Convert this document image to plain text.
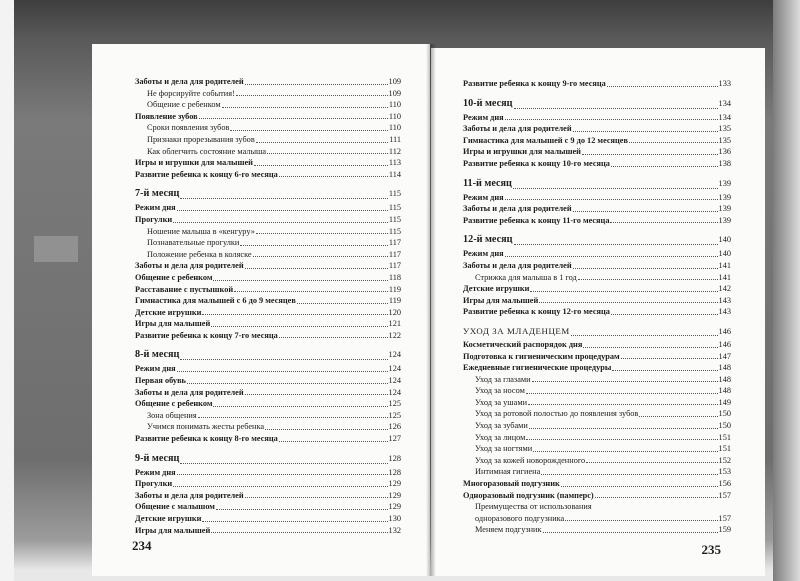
Заботы и дела для родителей	109
Не форсируйте события!	109
Общение с ребенком	110
Появление зубов	110
Сроки появления зубов	110
Признаки прорезывания зубов	111
Как облегчить состояние малыша	112
Игры и игрушки для малышей	113
Развитие ребенка к концу 6-го месяца	114
7-й месяц	115
Режим дня	115
Прогулки	115
Ношение малыша в «кенгуру»	115
Познавательные прогулки	117
Положение ребенка в коляске	117
Заботы и дела для родителей	117
Общение с ребенком	118
Расставание с пустышкой	119
Гимнастика для малышей с 6 до 9 месяцев	119
Детские игрушки	120
Игры для малышей	121
Развитие ребенка к концу 7-го месяца	122
8-й месяц	124
Режим дня	124
Первая обувь	124
Заботы и дела для родителей	124
Общение с ребенком	125
Зона общения	125
Учимся понимать жесты ребенка	126
Развитие ребенка к концу 8-го месяца	127
9-й месяц	128
Режим дня	128
Прогулки	129
Заботы и дела для родителей	129
Общение с малышом	129
Детские игрушки	130
Игры для малышей	132
234
Развитие ребенка к концу 9-го месяца	133
10-й месяц	134
Режим дня	134
Заботы и дела для родителей	135
Гимнастика для малышей с 9 до 12 месяцев	135
Игры и игрушки для малышей	136
Развитие ребенка к концу 10-го месяца	138
11-й месяц	139
Режим дня	139
Заботы и дела для родителей	139
Развитие ребенка к концу 11-го месяца	139
12-й месяц	140
Режим дня	140
Заботы и дела для родителей	141
Стрижка для малыша в 1 год	141
Детские игрушки	142
Игры для малышей	143
Развитие ребенка к концу 12-го месяца	143
УХОД ЗА МЛАДЕНЦЕМ	146
Косметический распорядок дня	146
Подготовка к гигиеническим процедурам	147
Ежедневные гигиенические процедуры	148
Уход за глазами	148
Уход за носом	148
Уход за ушами	149
Уход за ротовой полостью до появления зубов	150
Уход за зубами	150
Уход за лицом	151
Уход за ногтями	151
Уход за кожей новорожденного	152
Интимная гигиена	153
Многоразовый подгузник	156
Одноразовый подгузник (памперс)	157
Преимущества от использования
одноразового подгузника	157
Меняем подгузник	159
235
